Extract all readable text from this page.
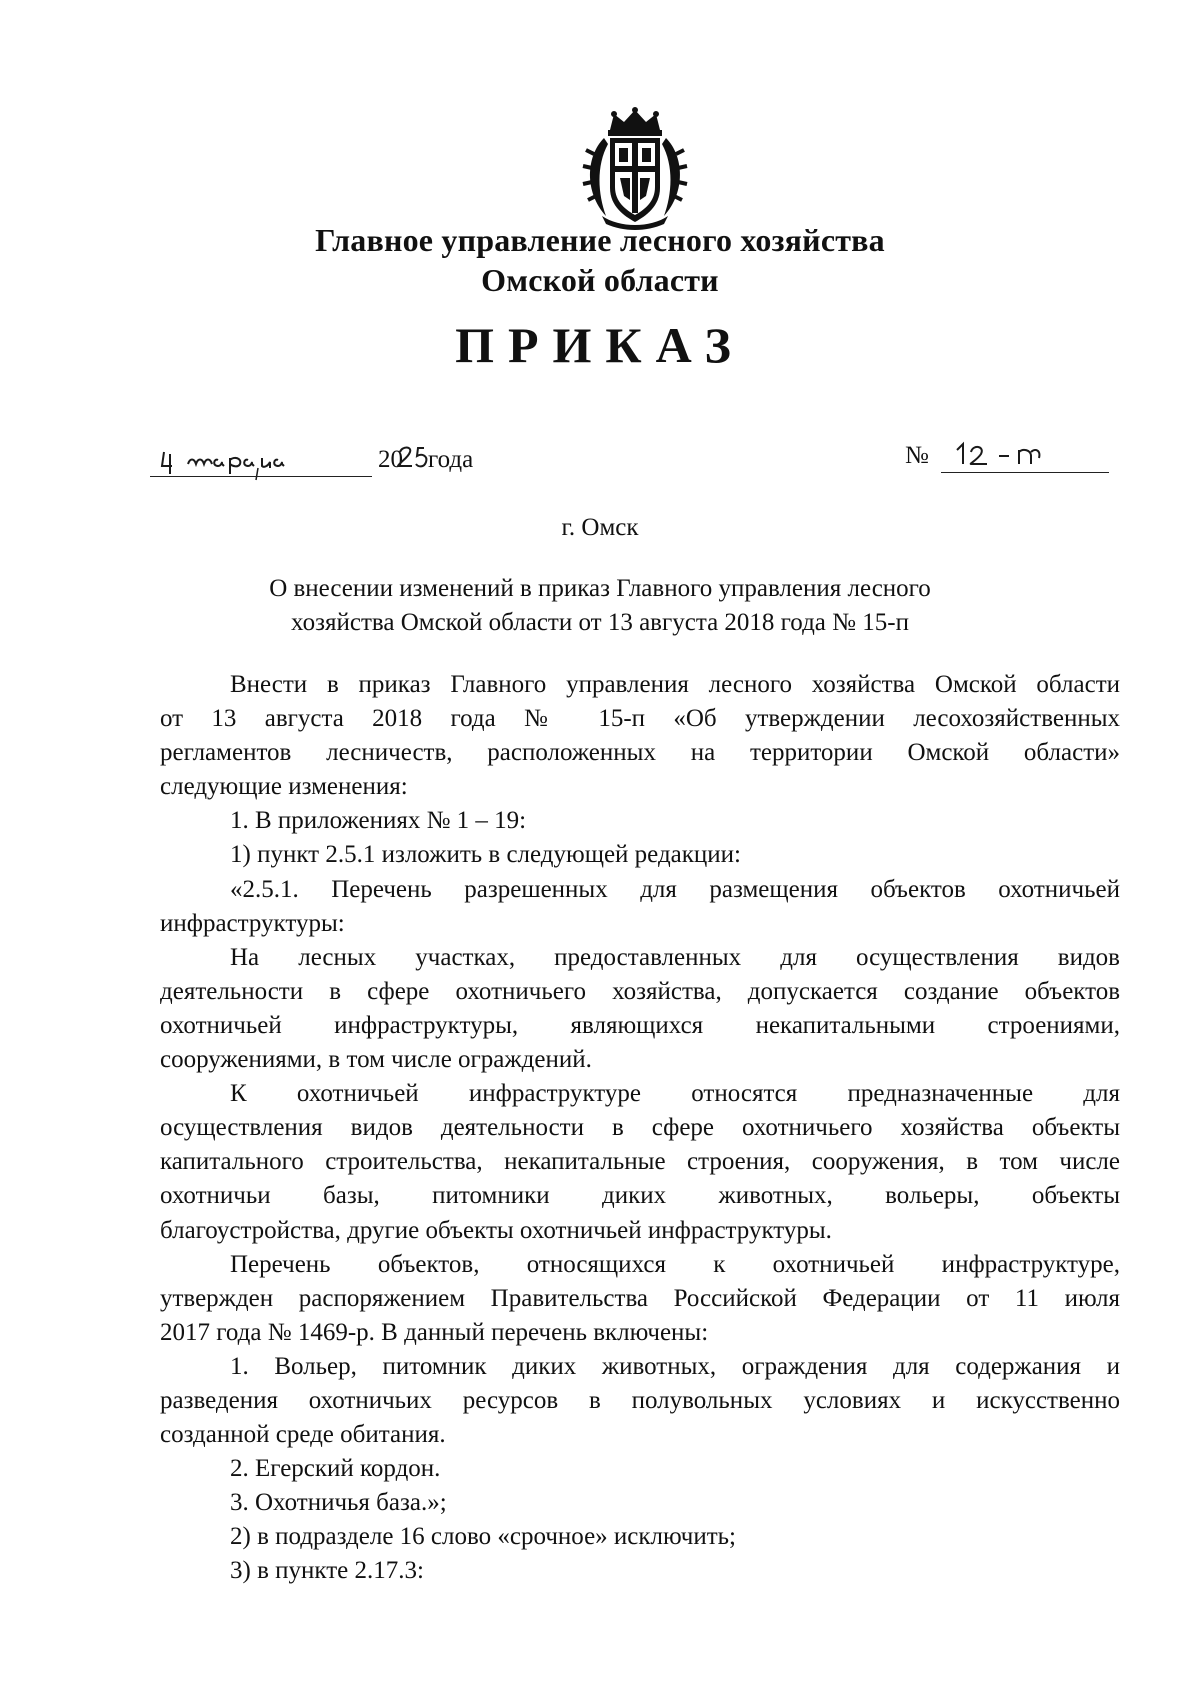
Главное управление лесного хозяйства
Омской области
ПРИКАЗ
20 года	№
г. Омск
О внесении изменений в приказ Главного управления лесного
хозяйства Омской области от 13 августа 2018 года № 15-п

Внести в приказ Главного управления лесного хозяйства Омской области

от 13 августа 2018 года № 15-п «Об утверждении лесохозяйственных

регламентов лесничеств, расположенных на территории Омской области»

следующие изменения:

1. В приложениях № 1 – 19:

1) пункт 2.5.1 изложить в следующей редакции:

«2.5.1. Перечень разрешенных для размещения объектов охотничьей

инфраструктуры:

На лесных участках, предоставленных для осуществления видов

деятельности в сфере охотничьего хозяйства, допускается создание объектов

охотничьей инфраструктуры, являющихся некапитальными строениями,

сооружениями, в том числе ограждений.

К охотничьей инфраструктуре относятся предназначенные для

осуществления видов деятельности в сфере охотничьего хозяйства объекты

капитального строительства, некапитальные строения, сооружения, в том числе

охотничьи базы, питомники диких животных, вольеры, объекты

благоустройства, другие объекты охотничьей инфраструктуры.

Перечень объектов, относящихся к охотничьей инфраструктуре,

утвержден распоряжением Правительства Российской Федерации от 11 июля

2017 года № 1469-р. В данный перечень включены:

1. Вольер, питомник диких животных, ограждения для содержания и

разведения охотничьих ресурсов в полувольных условиях и искусственно

созданной среде обитания.

2. Егерский кордон.

3. Охотничья база.»;

2) в подразделе 16 слово «срочное» исключить;

3) в пункте 2.17.3:
